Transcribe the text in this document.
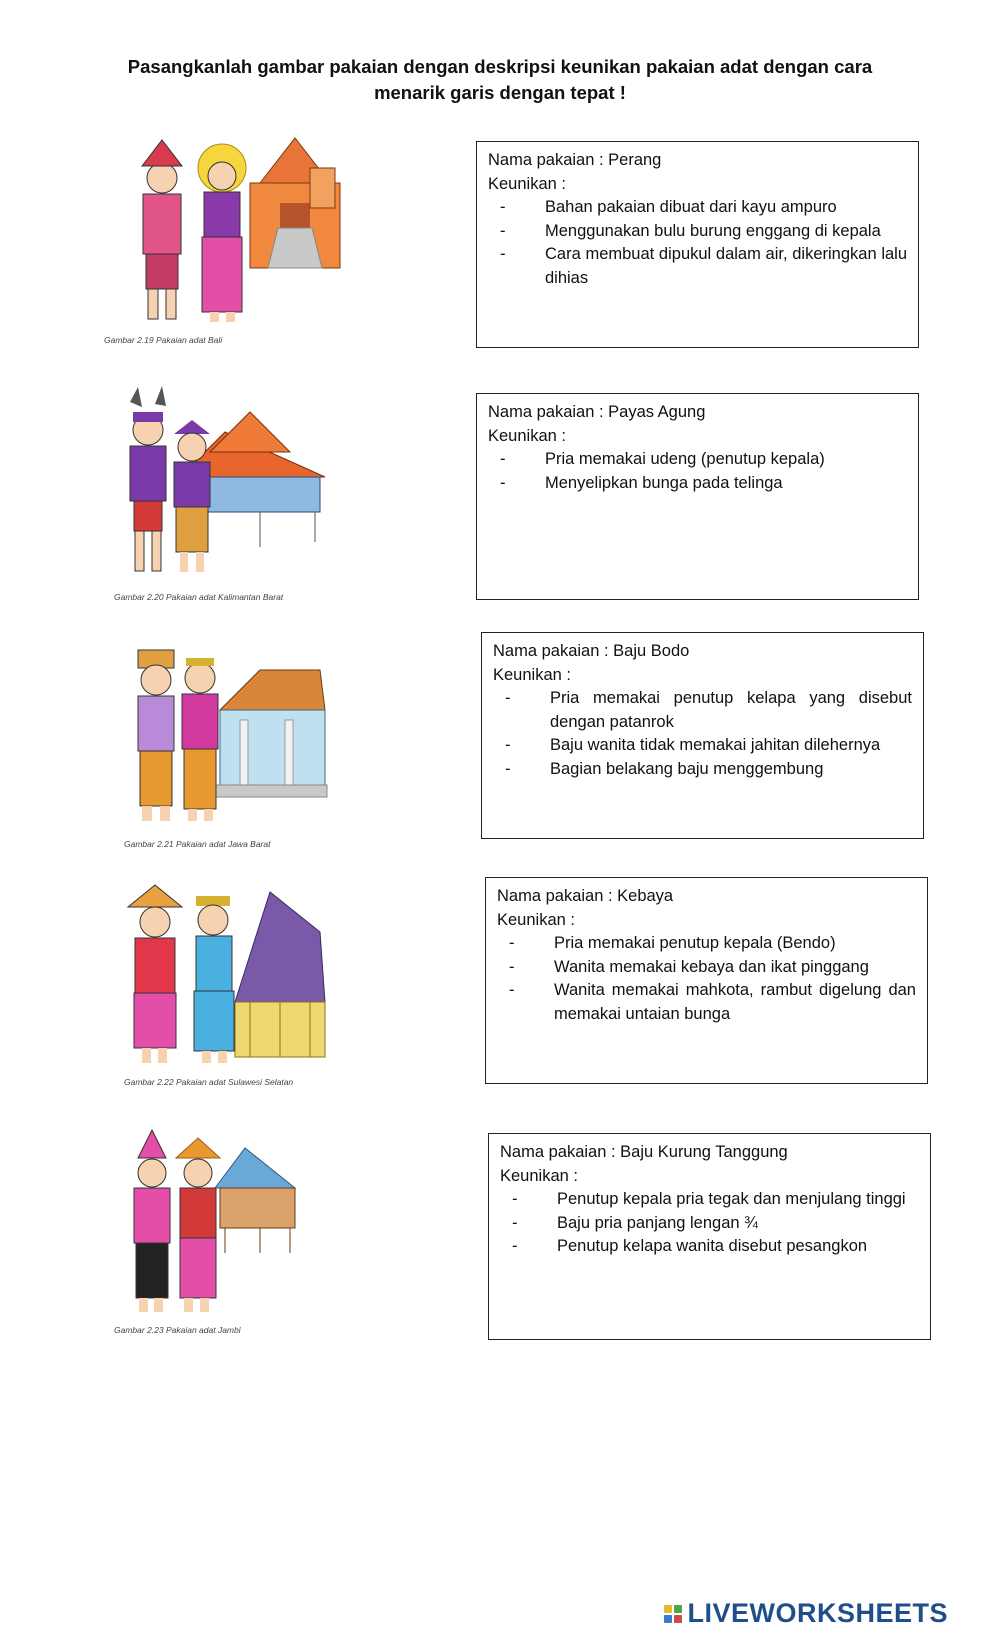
Pasangkanlah gambar pakaian dengan deskripsi keunikan pakaian adat dengan cara
menarik garis dengan tepat !
Gambar 2.19 Pakaian adat Bali
Gambar 2.20 Pakaian adat Kalimantan Barat
Gambar 2.21 Pakaian adat Jawa Barat
Gambar 2.22 Pakaian adat Sulawesi Selatan
Gambar 2.23 Pakaian adat Jambi
Nama pakaian : Perang
Keunikan :
- Bahan pakaian dibuat dari kayu ampuro
- Menggunakan bulu burung enggang di kepala
- Cara membuat dipukul dalam air, dikeringkan lalu dihias
Nama pakaian : Payas Agung
Keunikan :
- Pria memakai udeng (penutup kepala)
- Menyelipkan bunga pada telinga
Nama pakaian : Baju Bodo
Keunikan :
- Pria memakai penutup kelapa yang disebut dengan patanrok
- Baju wanita tidak memakai jahitan dilehernya
- Bagian belakang baju menggembung
Nama pakaian : Kebaya
Keunikan :
- Pria memakai penutup kepala (Bendo)
- Wanita memakai kebaya dan ikat pinggang
- Wanita memakai mahkota, rambut digelung dan memakai untaian bunga
Nama pakaian : Baju Kurung Tanggung
Keunikan :
- Penutup kepala pria tegak dan menjulang tinggi
- Baju pria panjang lengan ¾
- Penutup kelapa wanita disebut pesangkon
LIVEWORKSHEETS
